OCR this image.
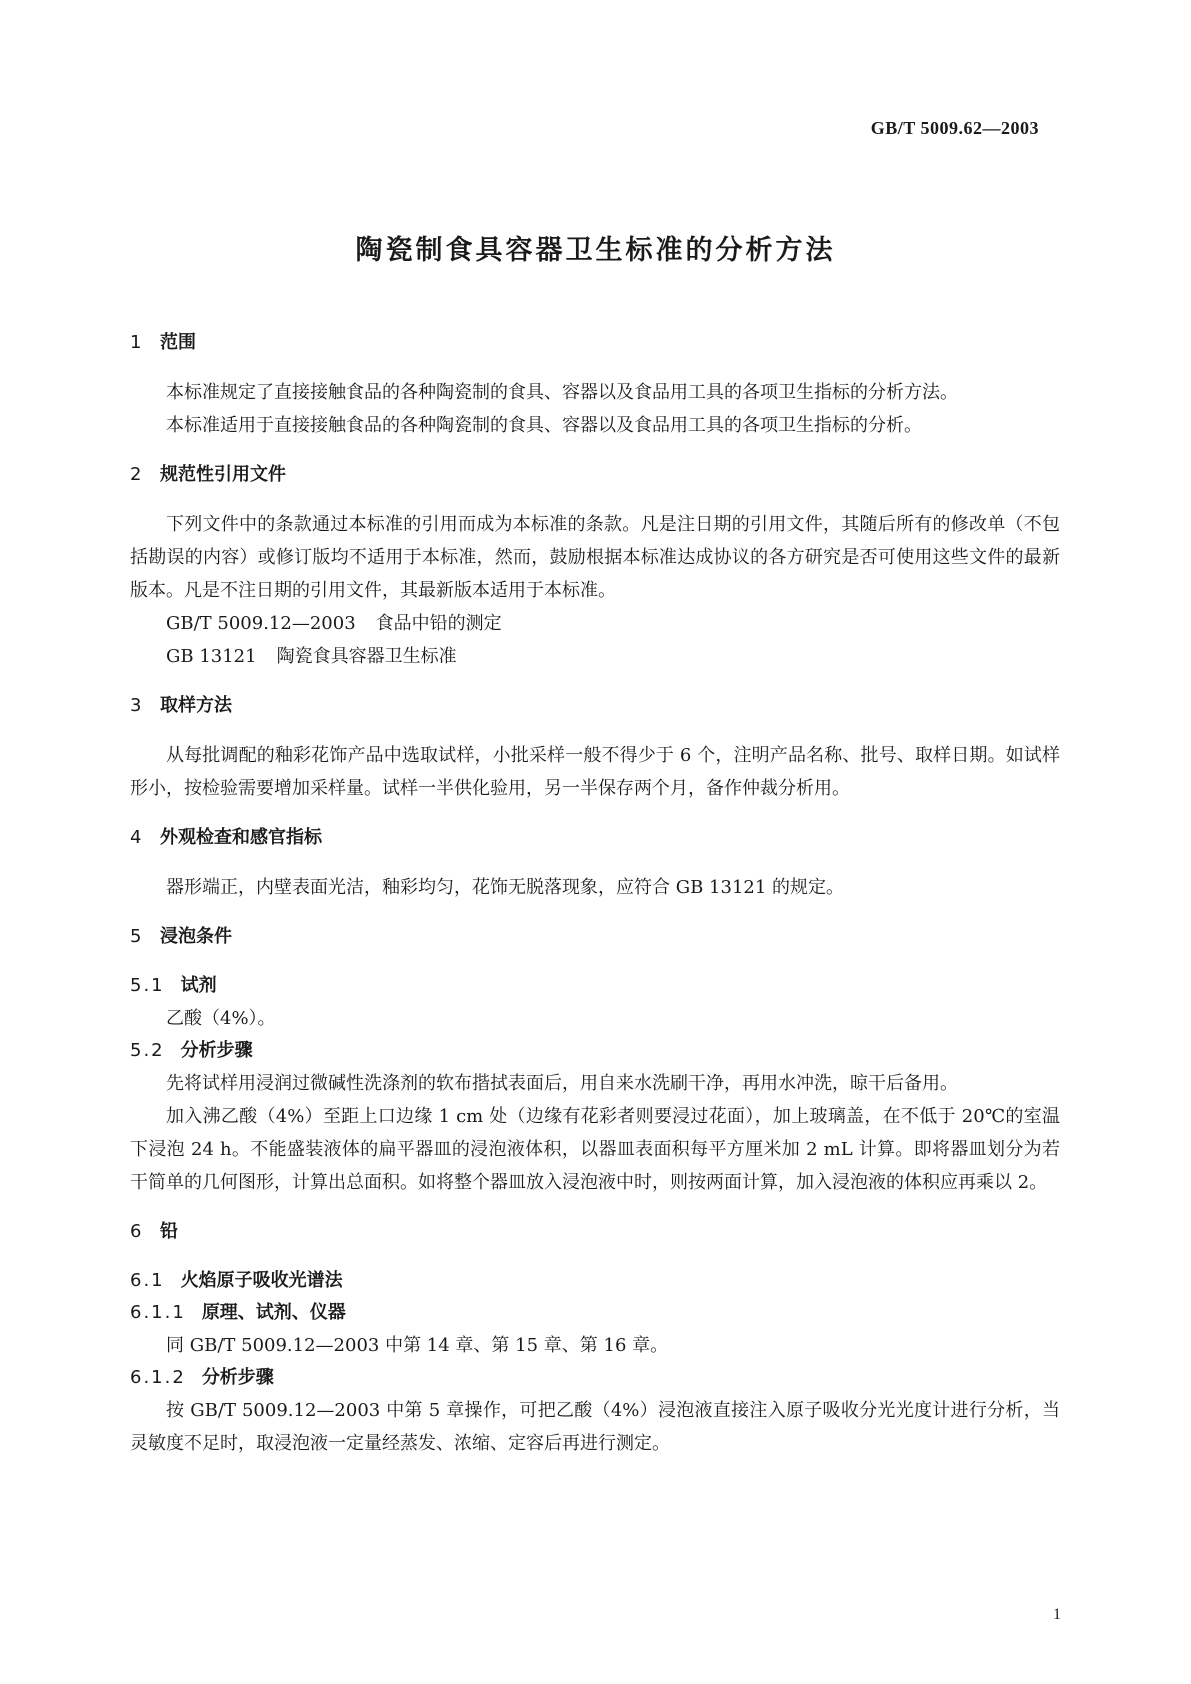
GB/T 5009.62—2003
陶瓷制食具容器卫生标准的分析方法
1 范围

本标准规定了直接接触食品的各种陶瓷制的食具、容器以及食品用工具的各项卫生指标的分析方法。

本标准适用于直接接触食品的各种陶瓷制的食具、容器以及食品用工具的各项卫生指标的分析。

2 规范性引用文件

下列文件中的条款通过本标准的引用而成为本标准的条款。凡是注日期的引用文件，其随后所有的修改单（不包括勘误的内容）或修订版均不适用于本标准，然而，鼓励根据本标准达成协议的各方研究是否可使用这些文件的最新版本。凡是不注日期的引用文件，其最新版本适用于本标准。

GB/T 5009.12—2003 食品中铅的测定

GB 13121 陶瓷食具容器卫生标准

3 取样方法

从每批调配的釉彩花饰产品中选取试样，小批采样一般不得少于 6 个，注明产品名称、批号、取样日期。如试样形小，按检验需要增加采样量。试样一半供化验用，另一半保存两个月，备作仲裁分析用。

4 外观检查和感官指标

器形端正，内壁表面光洁，釉彩均匀，花饰无脱落现象，应符合 GB 13121 的规定。

5 浸泡条件
5.1 试剂

乙酸（4%）。

5.2 分析步骤

先将试样用浸润过微碱性洗涤剂的软布揩拭表面后，用自来水洗刷干净，再用水冲洗，晾干后备用。

加入沸乙酸（4%）至距上口边缘 1 cm 处（边缘有花彩者则要浸过花面），加上玻璃盖，在不低于 20℃的室温下浸泡 24 h。不能盛装液体的扁平器皿的浸泡液体积，以器皿表面积每平方厘米加 2 mL 计算。即将器皿划分为若干简单的几何图形，计算出总面积。如将整个器皿放入浸泡液中时，则按两面计算，加入浸泡液的体积应再乘以 2。

6 铅
6.1 火焰原子吸收光谱法
6.1.1 原理、试剂、仪器

同 GB/T 5009.12—2003 中第 14 章、第 15 章、第 16 章。

6.1.2 分析步骤

按 GB/T 5009.12—2003 中第 5 章操作，可把乙酸（4%）浸泡液直接注入原子吸收分光光度计进行分析，当灵敏度不足时，取浸泡液一定量经蒸发、浓缩、定容后再进行测定。

1
